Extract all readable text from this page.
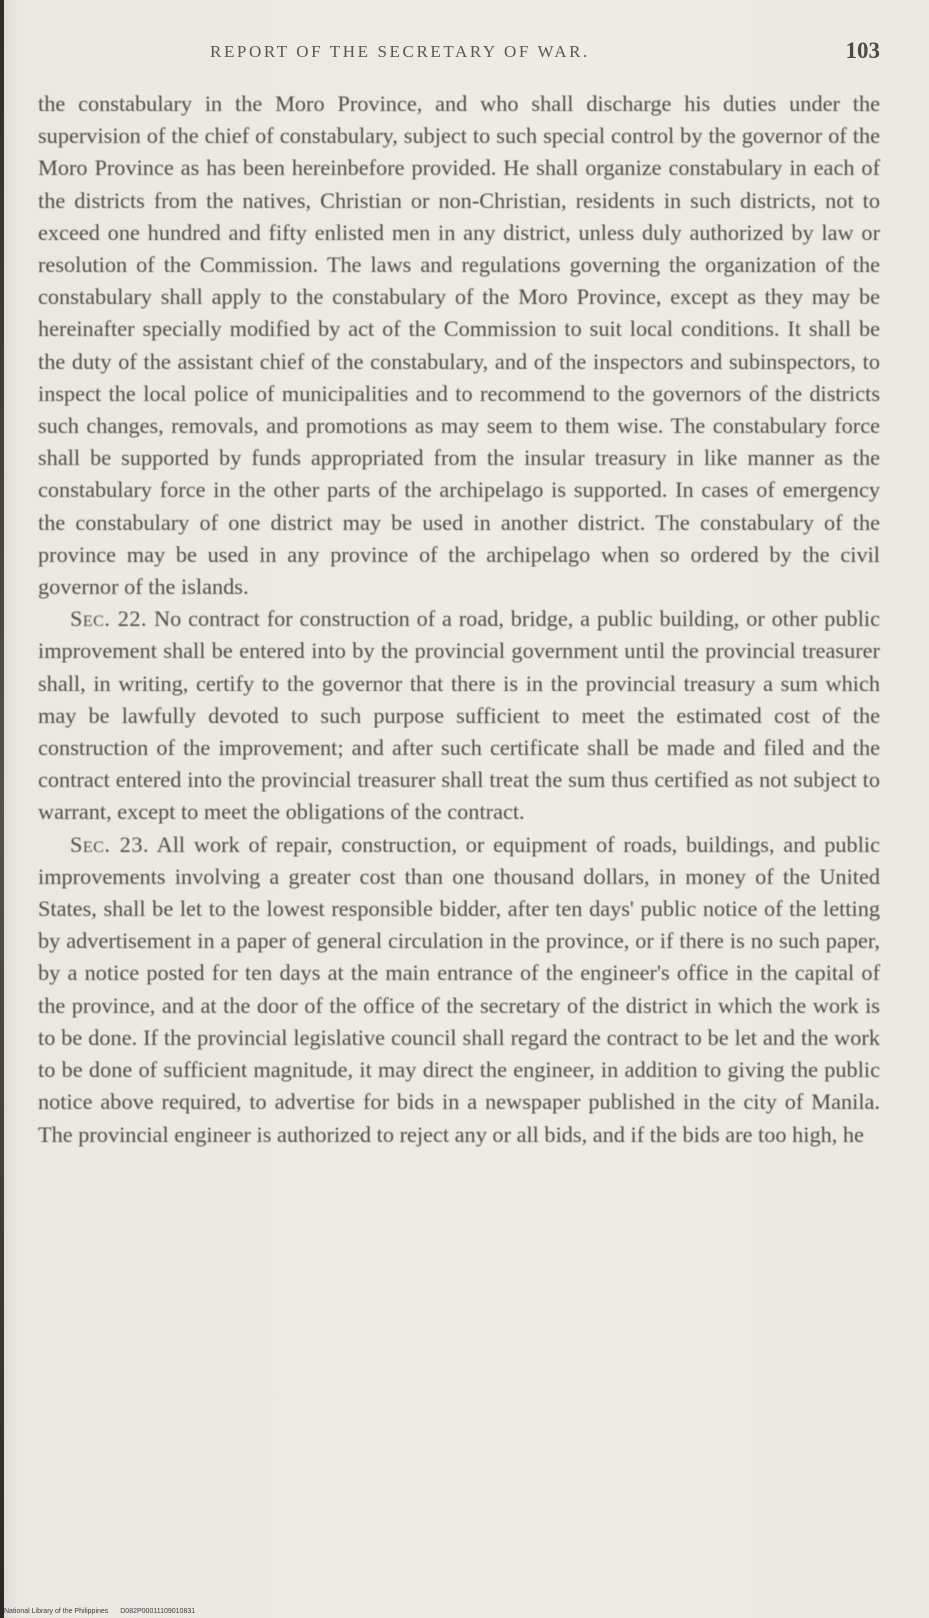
REPORT OF THE SECRETARY OF WAR.	103

the constabulary in the Moro Province, and who shall discharge his duties under the supervision of the chief of constabulary, subject to such special control by the governor of the Moro Province as has been hereinbefore provided. He shall organize constabulary in each of the districts from the natives, Christian or non-Christian, residents in such districts, not to exceed one hundred and fifty enlisted men in any district, unless duly authorized by law or resolution of the Commission. The laws and regulations governing the organization of the constabulary shall apply to the constabulary of the Moro Province, except as they may be hereinafter specially modified by act of the Commission to suit local conditions. It shall be the duty of the assistant chief of the constabulary, and of the inspectors and subinspectors, to inspect the local police of municipalities and to recommend to the governors of the districts such changes, removals, and promotions as may seem to them wise. The constabulary force shall be supported by funds appropriated from the insular treasury in like manner as the constabulary force in the other parts of the archipelago is supported. In cases of emergency the constabulary of one district may be used in another district. The constabulary of the province may be used in any province of the archipelago when so ordered by the civil governor of the islands.

Sec. 22. No contract for construction of a road, bridge, a public building, or other public improvement shall be entered into by the provincial government until the provincial treasurer shall, in writing, certify to the governor that there is in the provincial treasury a sum which may be lawfully devoted to such purpose sufficient to meet the estimated cost of the construction of the improvement; and after such certificate shall be made and filed and the contract entered into the provincial treasurer shall treat the sum thus certified as not subject to warrant, except to meet the obligations of the contract.

Sec. 23. All work of repair, construction, or equipment of roads, buildings, and public improvements involving a greater cost than one thousand dollars, in money of the United States, shall be let to the lowest responsible bidder, after ten days' public notice of the letting by advertisement in a paper of general circulation in the province, or if there is no such paper, by a notice posted for ten days at the main entrance of the engineer's office in the capital of the province, and at the door of the office of the secretary of the district in which the work is to be done. If the provincial legislative council shall regard the contract to be let and the work to be done of sufficient magnitude, it may direct the engineer, in addition to giving the public notice above required, to advertise for bids in a newspaper published in the city of Manila. The provincial engineer is authorized to reject any or all bids, and if the bids are too high, he

National Library of the Philippines D082P00011109010831
